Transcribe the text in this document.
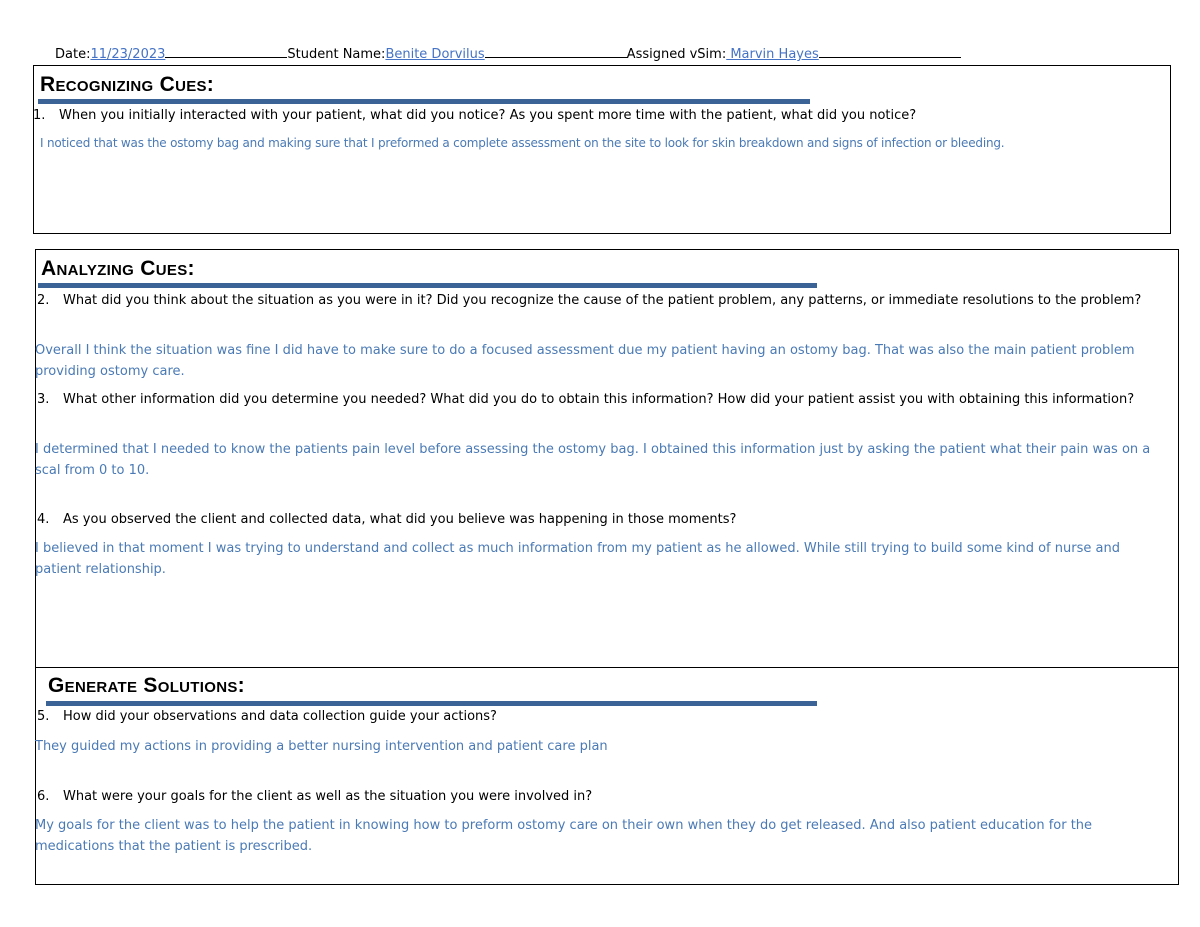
Date:11/23/2023	Student Name:Benite Dorvilus	Assigned vSim: Marvin Hayes
Recognizing Cues:
1.	When you initially interacted with your patient, what did you notice? As you spent more time with the patient, what did you notice?
I noticed that was the ostomy bag and making sure that I preformed a complete assessment on the site to look for skin breakdown and signs of infection or bleeding.
Analyzing Cues:
2.	What did you think about the situation as you were in it? Did you recognize the cause of the patient problem, any patterns, or immediate resolutions to the problem?
Overall I think the situation was fine I did have to make sure to do a focused assessment due my patient having an ostomy bag. That was also the main patient problem providing ostomy care.
3.	What other information did you determine you needed? What did you do to obtain this information? How did your patient assist you with obtaining this information?
I determined that I needed to know the patients pain level before assessing the ostomy bag. I obtained this information just by asking the patient what their pain was on a scal from 0 to 10.
4.	As you observed the client and collected data, what did you believe was happening in those moments?
I believed in that moment I was trying to understand and collect as much information from my patient as he allowed. While still trying to build some kind of nurse and patient relationship.
Generate Solutions:
5.	How did your observations and data collection guide your actions?
They guided my actions in providing a better nursing intervention and patient care plan
6.	What were your goals for the client as well as the situation you were involved in?
My goals for the client was to help the patient in knowing how to preform ostomy care on their own when they do get released. And also patient education for the medications that the patient is prescribed.
